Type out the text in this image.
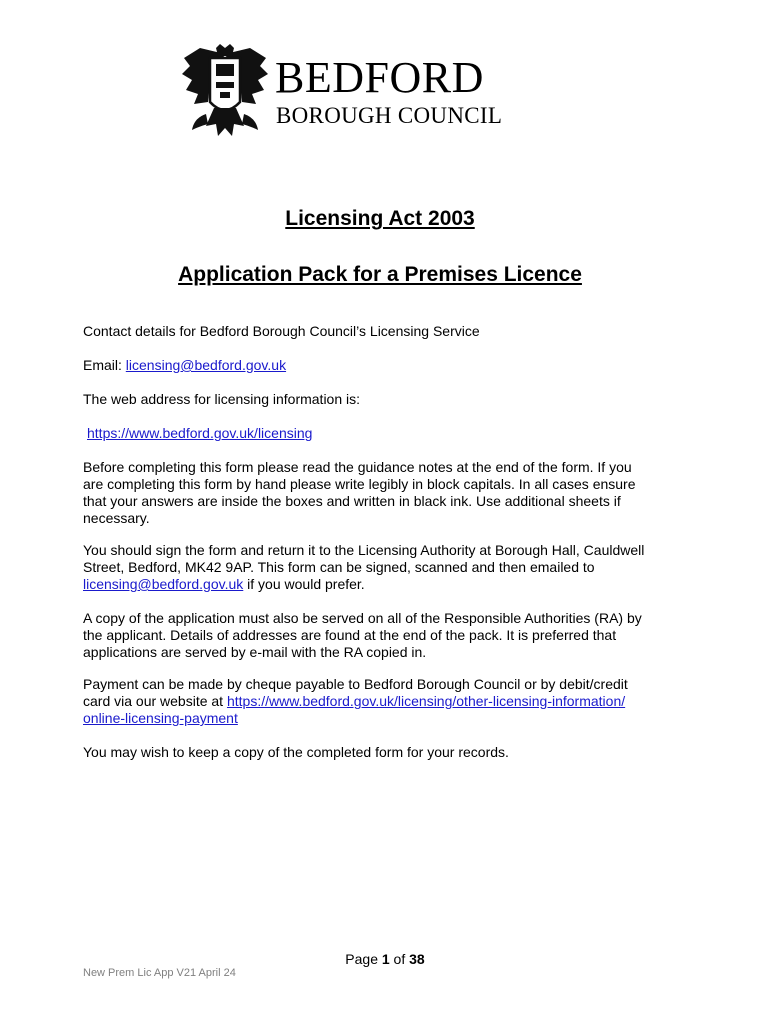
BEDFORD
BOROUGH COUNCIL
Licensing Act 2003
Application Pack for a Premises Licence
Contact details for Bedford Borough Council’s Licensing Service
Email: licensing@bedford.gov.uk
The web address for licensing information is:
https://www.bedford.gov.uk/licensing
Before completing this form please read the guidance notes at the end of the form. If you are completing this form by hand please write legibly in block capitals. In all cases ensure that your answers are inside the boxes and written in black ink. Use additional sheets if necessary.
You should sign the form and return it to the Licensing Authority at Borough Hall, Cauldwell Street, Bedford, MK42 9AP. This form can be signed, scanned and then emailed to licensing@bedford.gov.uk if you would prefer.
A copy of the application must also be served on all of the Responsible Authorities (RA) by the applicant. Details of addresses are found at the end of the pack. It is preferred that applications are served by e-mail with the RA copied in.
Payment can be made by cheque payable to Bedford Borough Council or by debit/credit card via our website at https://www.bedford.gov.uk/licensing/other-licensing-information/online-licensing-payment
You may wish to keep a copy of the completed form for your records.
Page 1 of 38
New Prem Lic App V21 April 24
